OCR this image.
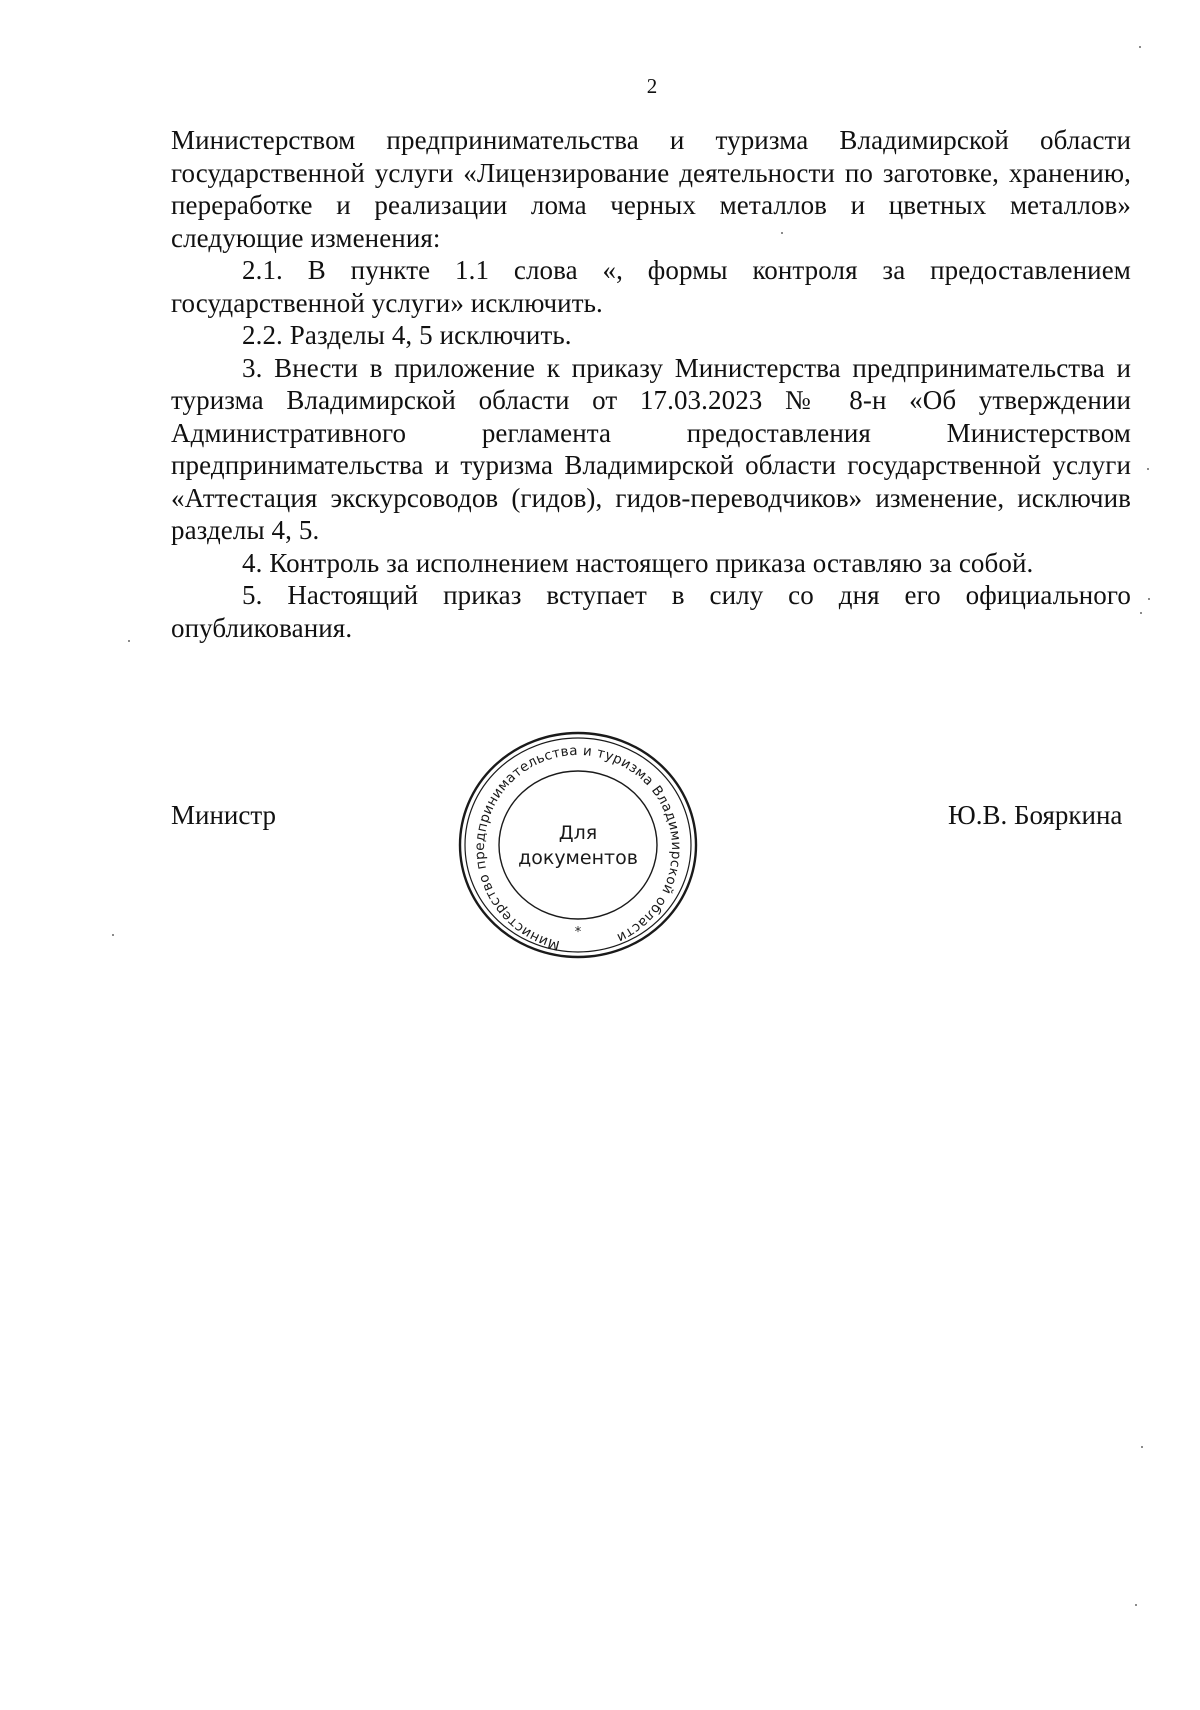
2

Министерством предпринимательства и туризма Владимирской области государственной услуги «Лицензирование деятельности по заготовке, хранению, переработке и реализации лома черных металлов и цветных металлов» следующие изменения:

2.1. В пункте 1.1 слова «, формы контроля за предоставлением государственной услуги» исключить.

2.2. Разделы 4, 5 исключить.

3. Внести в приложение к приказу Министерства предпринимательства и туризма Владимирской области от 17.03.2023 № 8-н «Об утверждении Административного регламента предоставления Министерством предпринимательства и туризма Владимирской области государственной услуги «Аттестация экскурсоводов (гидов), гидов-переводчиков» изменение, исключив разделы 4, 5.

4. Контроль за исполнением настоящего приказа оставляю за собой.

5. Настоящий приказ вступает в силу со дня его официального опубликования.

Министр	Ю.В. Бояркина
Министерство предпринимательства и туризма Владимирской области
*
Для
документов
